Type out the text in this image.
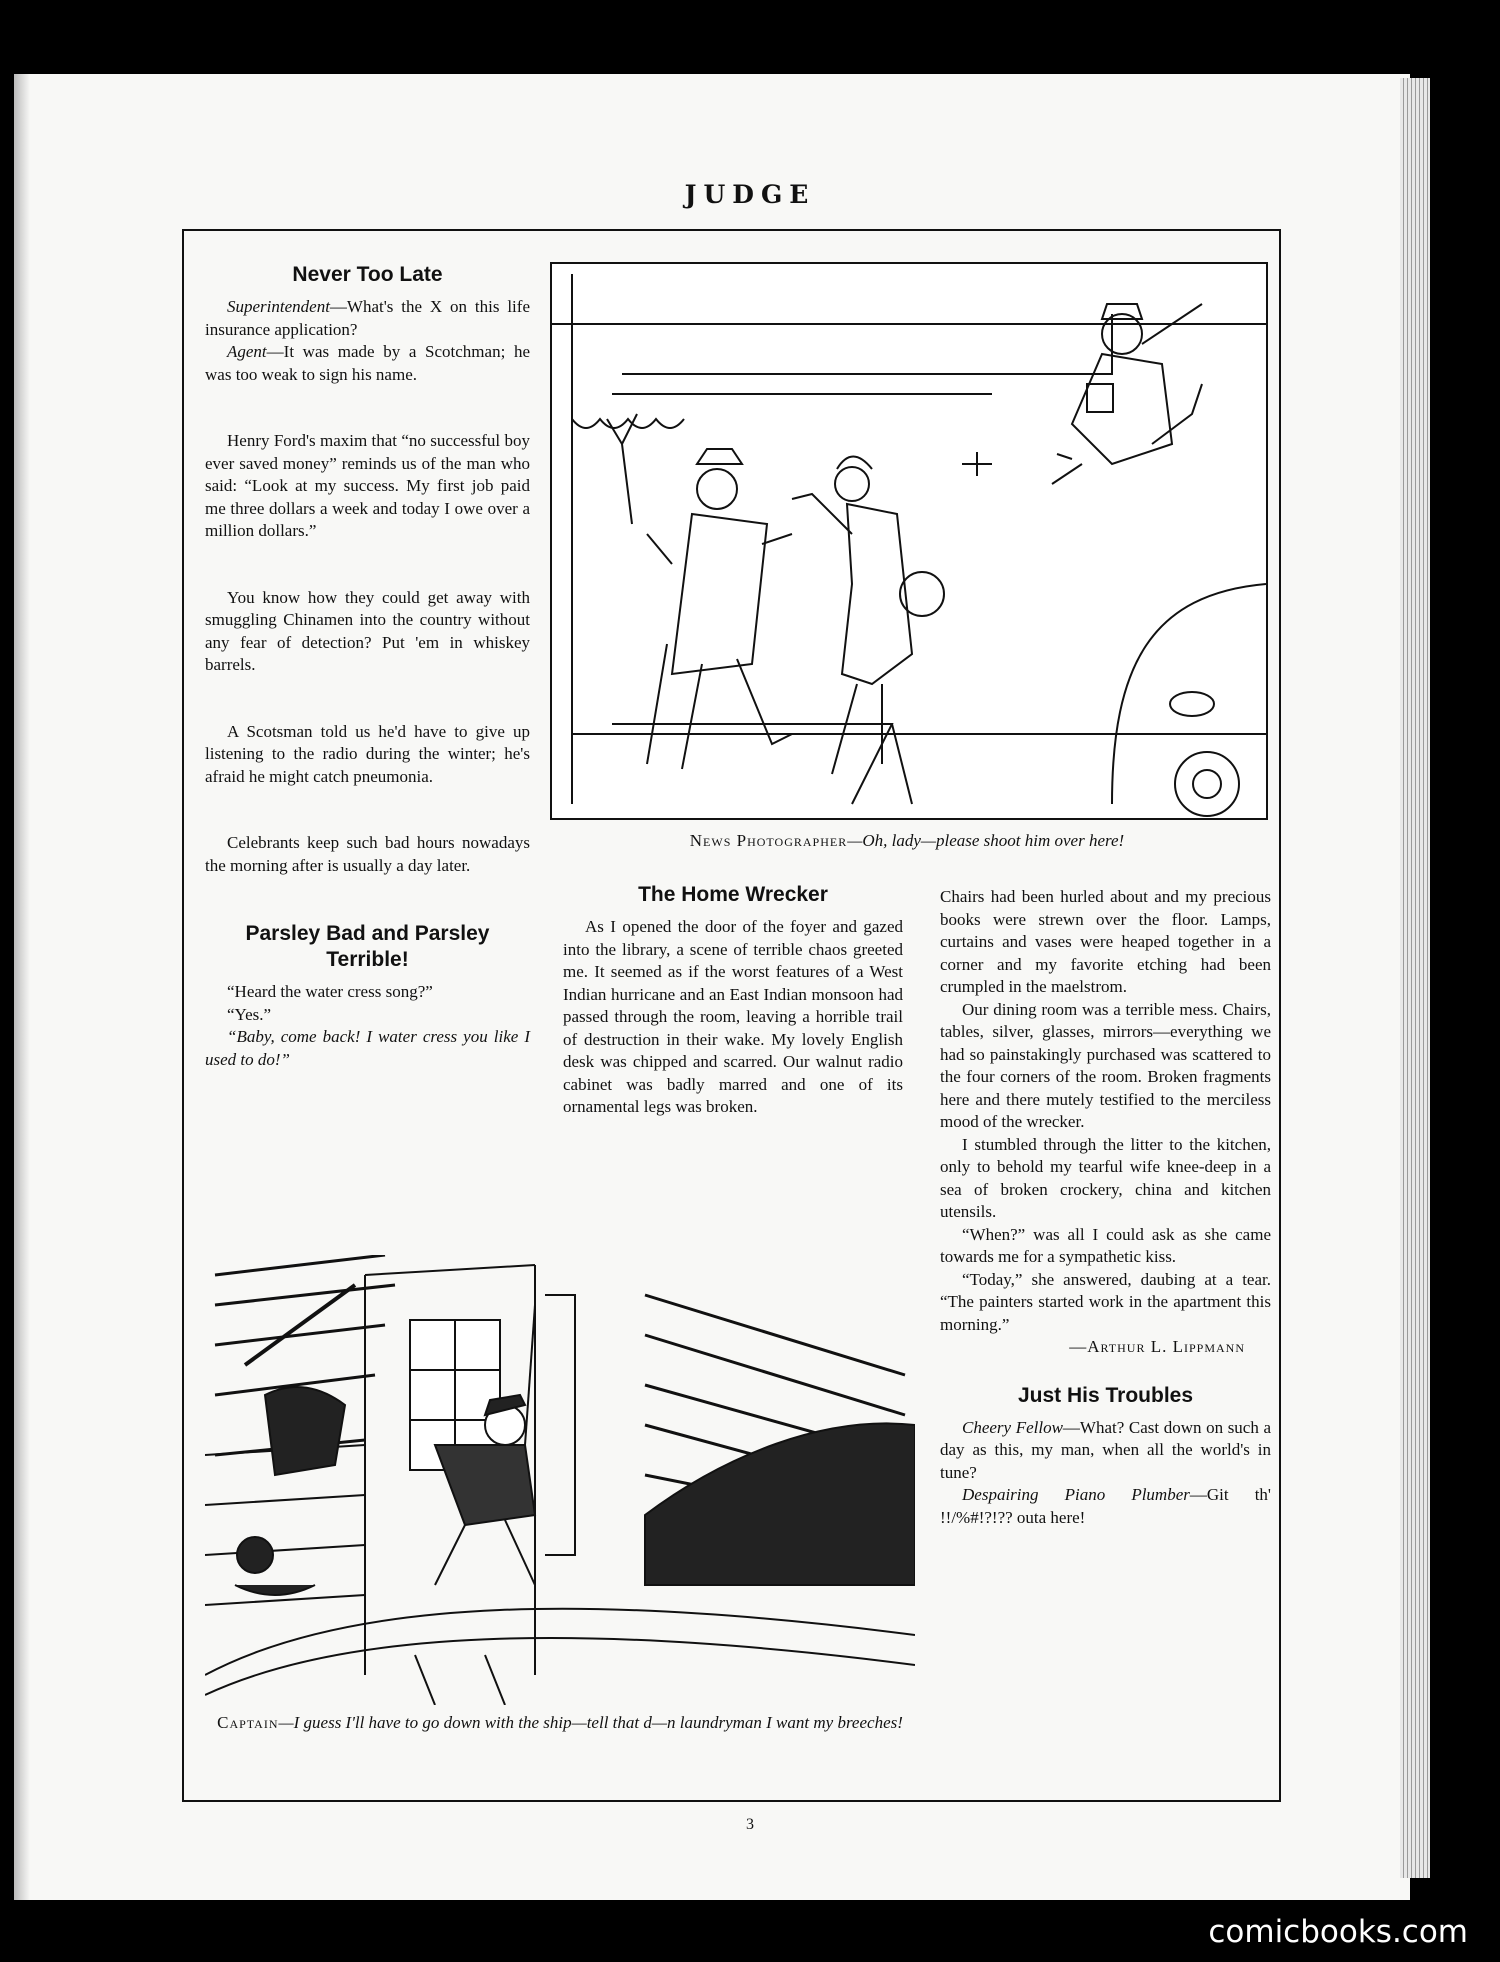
JUDGE
Never Too Late

Superintendent—What's the X on this life insurance application?

Agent—It was made by a Scotchman; he was too weak to sign his name.

Henry Ford's maxim that “no successful boy ever saved money” reminds us of the man who said: “Look at my success. My first job paid me three dollars a week and today I owe over a million dollars.”

You know how they could get away with smuggling Chinamen into the country without any fear of detection? Put 'em in whiskey barrels.

A Scotsman told us he'd have to give up listening to the radio during the winter; he's afraid he might catch pneumonia.

Celebrants keep such bad hours nowadays the morning after is usually a day later.

Parsley Bad and Parsley Terrible!

“Heard the water cress song?”

“Yes.”

“Baby, come back! I water cress you like I used to do!”

News Photographer—Oh, lady—please shoot him over here!
The Home Wrecker

As I opened the door of the foyer and gazed into the library, a scene of terrible chaos greeted me. It seemed as if the worst features of a West Indian hurricane and an East Indian monsoon had passed through the room, leaving a horrible trail of destruction in their wake. My lovely English desk was chipped and scarred. Our walnut radio cabinet was badly marred and one of its ornamental legs was broken.

Chairs had been hurled about and my precious books were strewn over the floor. Lamps, curtains and vases were heaped together in a corner and my favorite etching had been crumpled in the maelstrom.

Our dining room was a terrible mess. Chairs, tables, silver, glasses, mirrors—everything we had so painstakingly purchased was scattered to the four corners of the room. Broken fragments here and there mutely testified to the merciless mood of the wrecker.

I stumbled through the litter to the kitchen, only to behold my tearful wife knee-deep in a sea of broken crockery, china and kitchen utensils.

“When?” was all I could ask as she came towards me for a sympathetic kiss.

“Today,” she answered, daubing at a tear. “The painters started work in the apartment this morning.”

—Arthur L. Lippmann

Just His Troubles

Cheery Fellow—What? Cast down on such a day as this, my man, when all the world's in tune?

Despairing Piano Plumber—Git th' !!/%#!?!?? outa here!

Captain—I guess I'll have to go down with the ship—tell that d—n laundryman I want my breeches!
3
comicbooks.com
